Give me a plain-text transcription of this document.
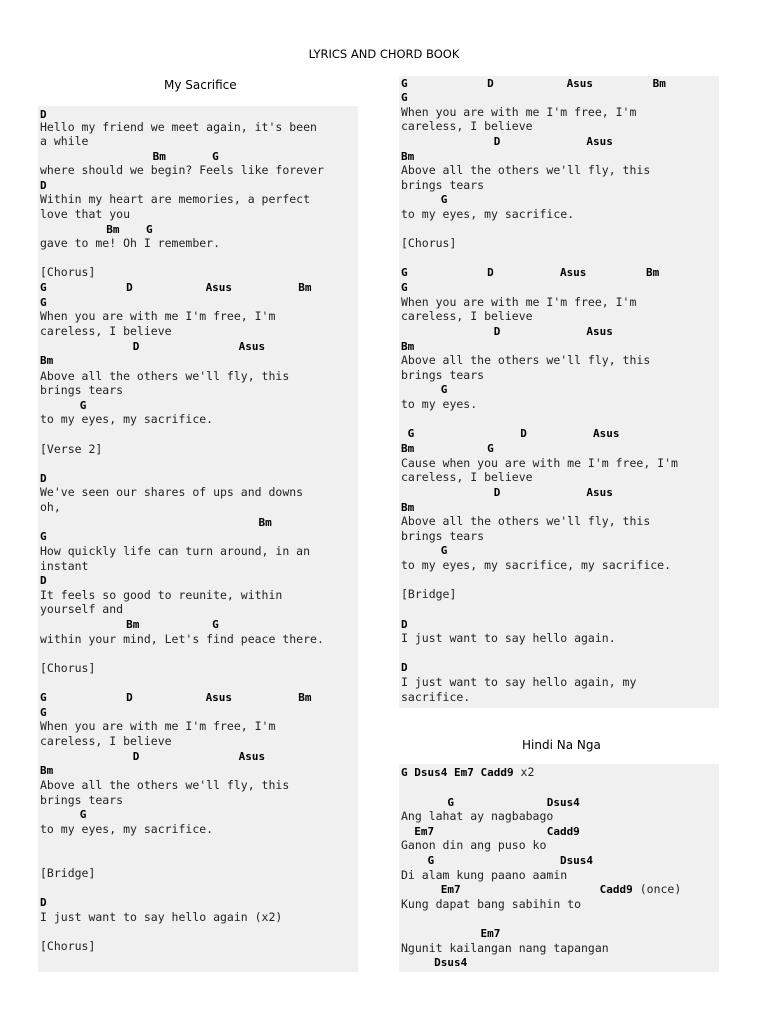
LYRICS AND CHORD BOOK
My Sacrifice
D
Hello my friend we meet again, it's been
a while
Bm       G
where should we begin? Feels like forever
D
Within my heart are memories, a perfect
love that you
Bm    G
gave to me! Oh I remember.
[Chorus]
G            D           Asus          Bm
G
When you are with me I'm free, I'm
careless, I believe
D               Asus
Bm
Above all the others we'll fly, this
brings tears
G
to my eyes, my sacrifice.
[Verse 2]
D
We've seen our shares of ups and downs
oh,
Bm
G
How quickly life can turn around, in an
instant
D
It feels so good to reunite, within
yourself and
Bm           G
within your mind, Let's find peace there.
[Chorus]
G            D           Asus          Bm
G
When you are with me I'm free, I'm
careless, I believe
D               Asus
Bm
Above all the others we'll fly, this
brings tears
G
to my eyes, my sacrifice.
[Bridge]
D
I just want to say hello again (x2)
[Chorus]
G            D           Asus         Bm
G
When you are with me I'm free, I'm
careless, I believe
D             Asus
Bm
Above all the others we'll fly, this
brings tears
G
to my eyes, my sacrifice.
[Chorus]
G            D          Asus         Bm
G
When you are with me I'm free, I'm
careless, I believe
D             Asus
Bm
Above all the others we'll fly, this
brings tears
G
to my eyes.
G                D          Asus
Bm           G
Cause when you are with me I'm free, I'm
careless, I believe
D             Asus
Bm
Above all the others we'll fly, this
brings tears
G
to my eyes, my sacrifice, my sacrifice.
[Bridge]
D
I just want to say hello again.
D
I just want to say hello again, my
sacrifice.
Hindi Na Nga
G Dsus4 Em7 Cadd9 x2
G              Dsus4
Ang lahat ay nagbabago
Em7                 Cadd9
Ganon din ang puso ko
G                   Dsus4
Di alam kung paano aamin
Em7                     Cadd9 (once)
Kung dapat bang sabihin to
Em7
Ngunit kailangan nang tapangan
Dsus4
